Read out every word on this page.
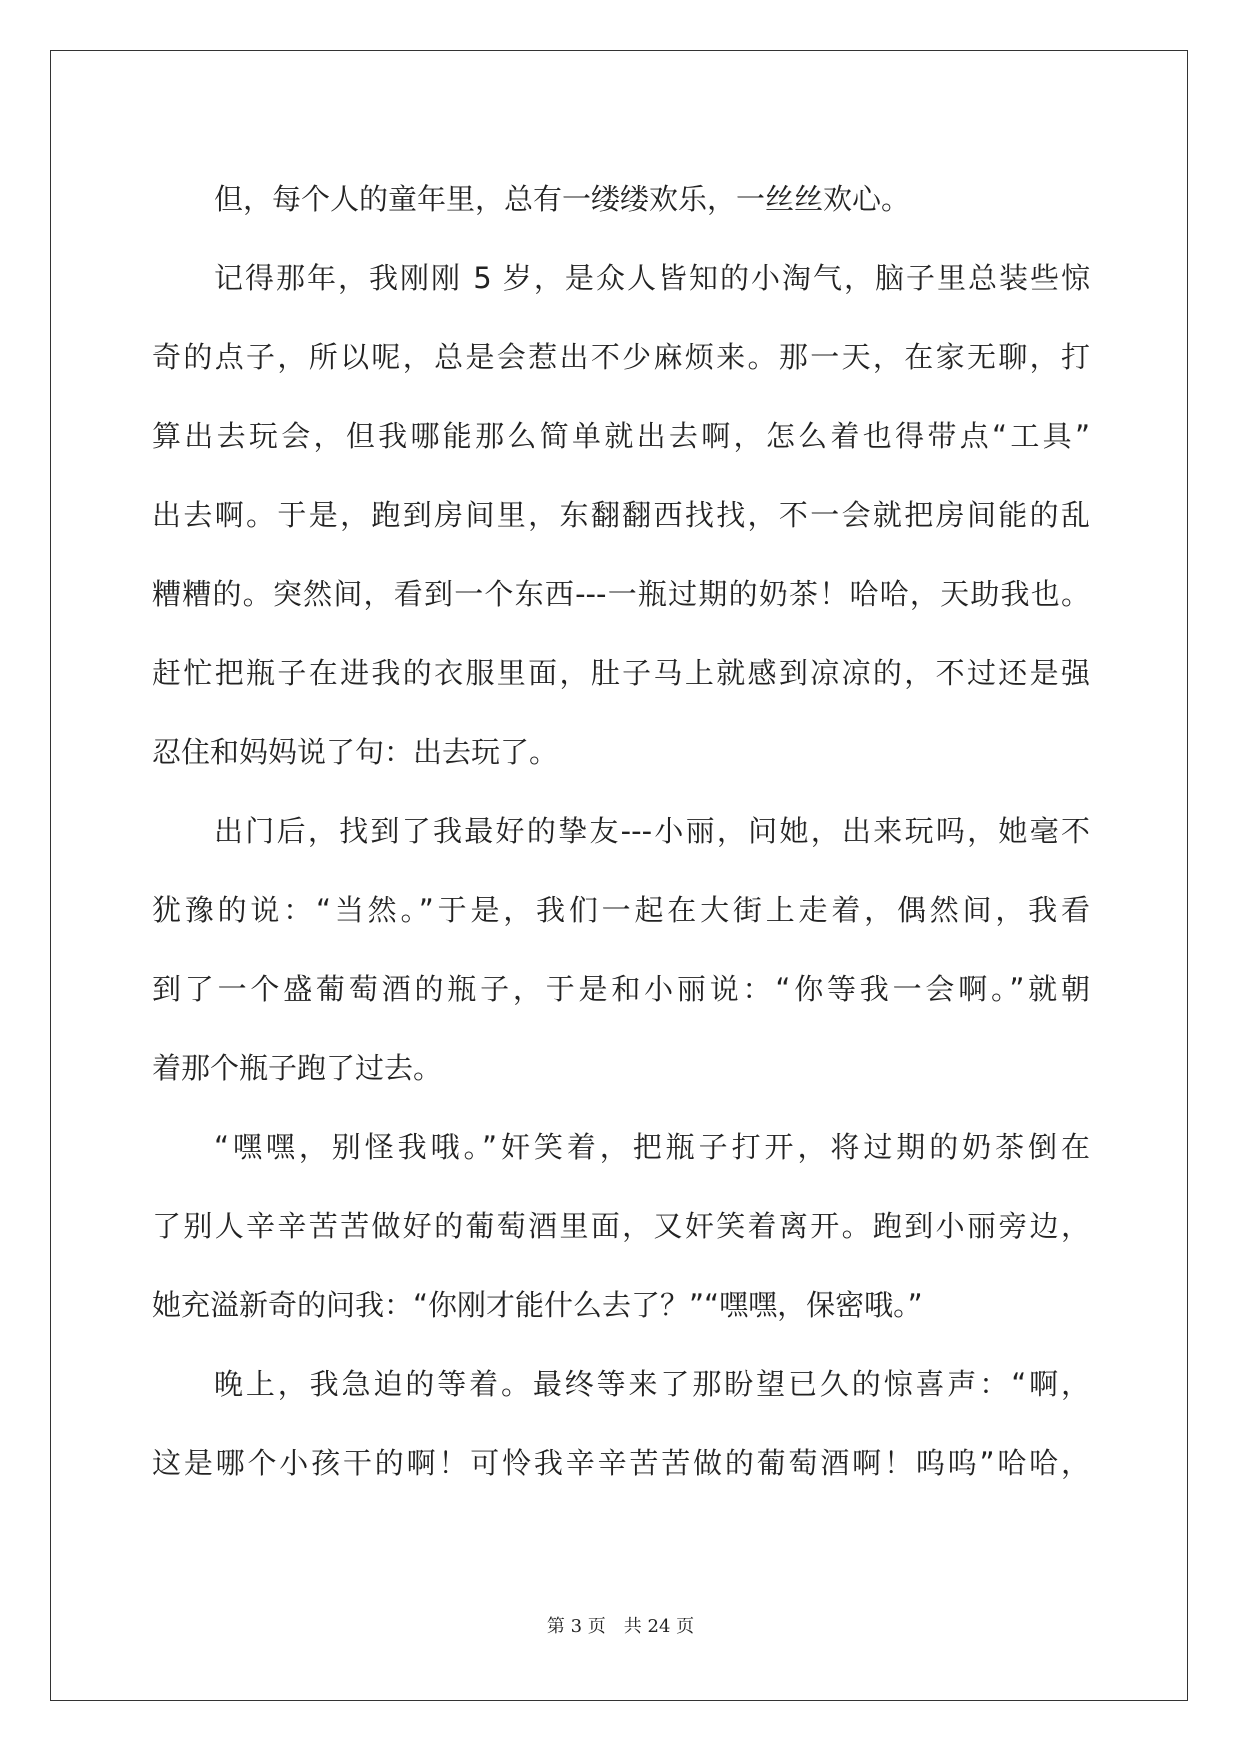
但，每个人的童年里，总有一缕缕欢乐，一丝丝欢心。
记得那年，我刚刚 5 岁，是众人皆知的小淘气，脑子里总装些惊
奇的点子，所以呢，总是会惹出不少麻烦来。那一天，在家无聊，打
算出去玩会，但我哪能那么简单就出去啊，怎么着也得带点“工具”
出去啊。于是，跑到房间里，东翻翻西找找，不一会就把房间能的乱
糟糟的。突然间，看到一个东西---一瓶过期的奶茶！哈哈，天助我也。
赶忙把瓶子在进我的衣服里面，肚子马上就感到凉凉的，不过还是强
忍住和妈妈说了句：出去玩了。
出门后，找到了我最好的挚友---小丽，问她，出来玩吗，她毫不
犹豫的说：“当然。”于是，我们一起在大街上走着，偶然间，我看
到了一个盛葡萄酒的瓶子，于是和小丽说：“你等我一会啊。”就朝
着那个瓶子跑了过去。
“嘿嘿，别怪我哦。”奸笑着，把瓶子打开，将过期的奶茶倒在
了别人辛辛苦苦做好的葡萄酒里面，又奸笑着离开。跑到小丽旁边，
她充溢新奇的问我：“你刚才能什么去了？”“嘿嘿，保密哦。”
晚上，我急迫的等着。最终等来了那盼望已久的惊喜声：“啊，
这是哪个小孩干的啊！可怜我辛辛苦苦做的葡萄酒啊！呜呜”哈哈，
第 3 页　共 24 页
